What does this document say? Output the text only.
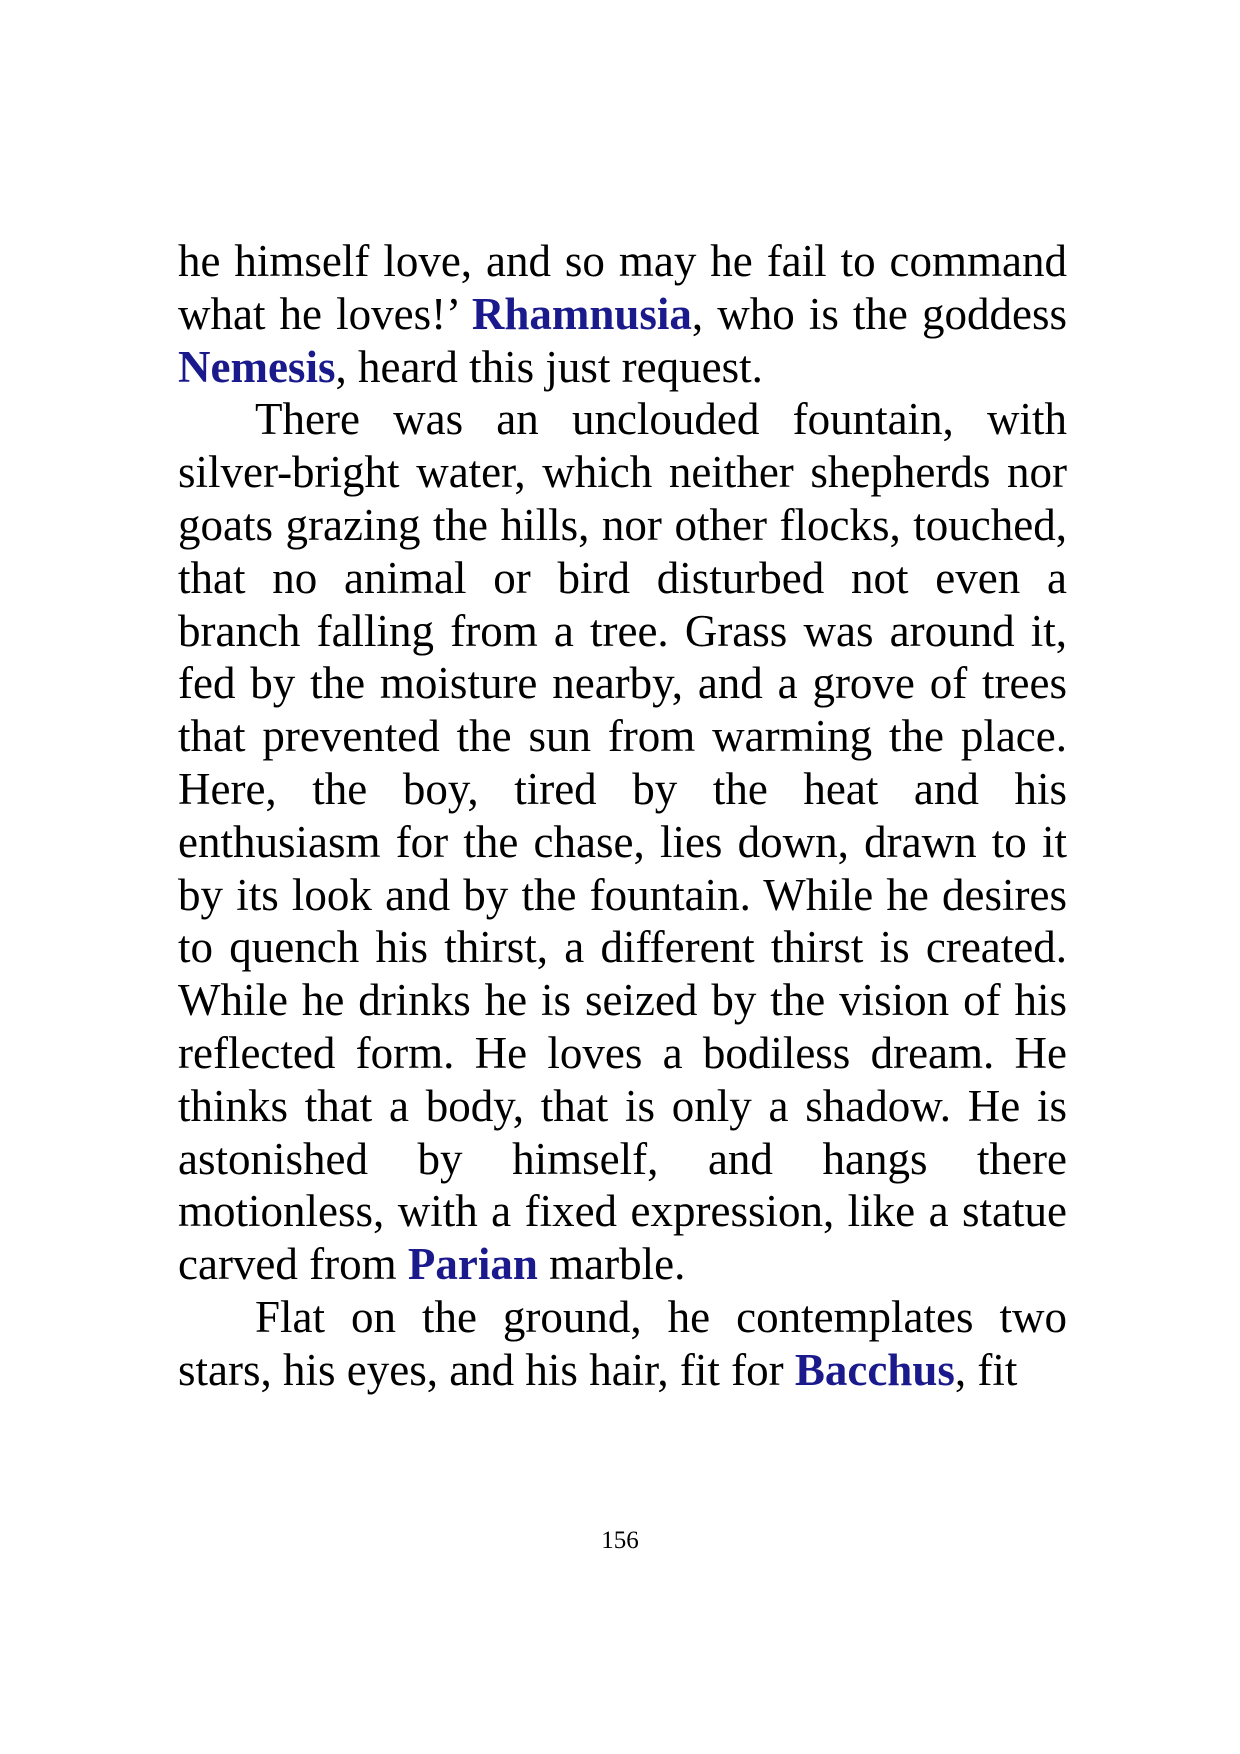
he himself love, and so may he fail to command what he loves!’ Rhamnusia, who is the goddess Nemesis, heard this just request.

There was an unclouded fountain, with silver-bright water, which neither shepherds nor goats grazing the hills, nor other flocks, touched, that no animal or bird disturbed not even a branch falling from a tree. Grass was around it, fed by the moisture nearby, and a grove of trees that prevented the sun from warming the place. Here, the boy, tired by the heat and his enthusiasm for the chase, lies down, drawn to it by its look and by the fountain. While he desires to quench his thirst, a different thirst is created. While he drinks he is seized by the vision of his reflected form. He loves a bodiless dream. He thinks that a body, that is only a shadow. He is astonished by himself, and hangs there motionless, with a fixed expression, like a statue carved from Parian marble.

Flat on the ground, he contemplates two stars, his eyes, and his hair, fit for Bacchus, fit

156
